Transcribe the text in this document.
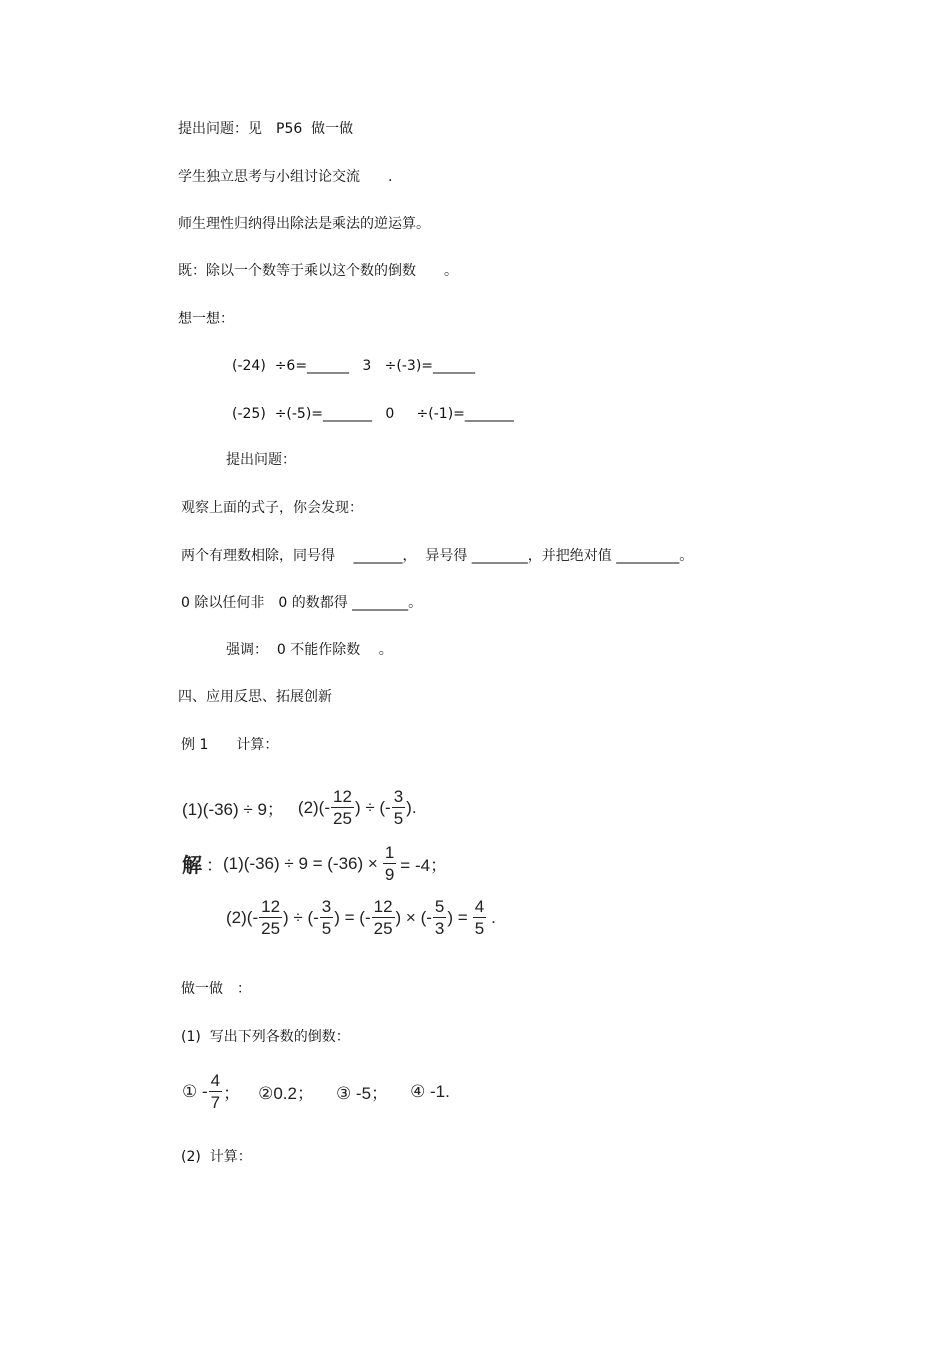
提出问题：见　P56  做一做
学生独立思考与小组讨论交流　　.
师生理性归纳得出除法是乘法的逆运算。
既：除以一个数等于乘以这个数的倒数　　。
想一想：
(-24)  ÷6=______   3   ÷(-3)=______
(-25)  ÷(-5)=_______   0     ÷(-1)=_______
提出问题：
观察上面的式子，你会发现：
两个有理数相除，同号得　 _______，  异号得 ________，并把绝对值 _________。
0 除以任何非　0 的数都得 ________。
强调：  0 不能作除数　 。
四、应用反思、拓展创新
例 1　　计算：
(1)(-36) ÷ 9； $(2)(- \frac{12}{25}$ ) ÷ (- $\frac{3}{5}$ ).
解 ： $(1)(-36) \div 9 = (-36) \times \frac{1}{9} = -4$；
$(2)(- \frac{12}{25}$ ) ÷ (- $\frac{3}{5}$ ) = (- $\frac{12}{25}$ ) × (- $\frac{5}{3}$ ) = $\frac{4}{5}$ .
做一做　：
(1)  写出下列各数的倒数：
① - $\frac{4}{7}$ ； ②0.2； ③ -5； ④ -1.
(2)  计算：
